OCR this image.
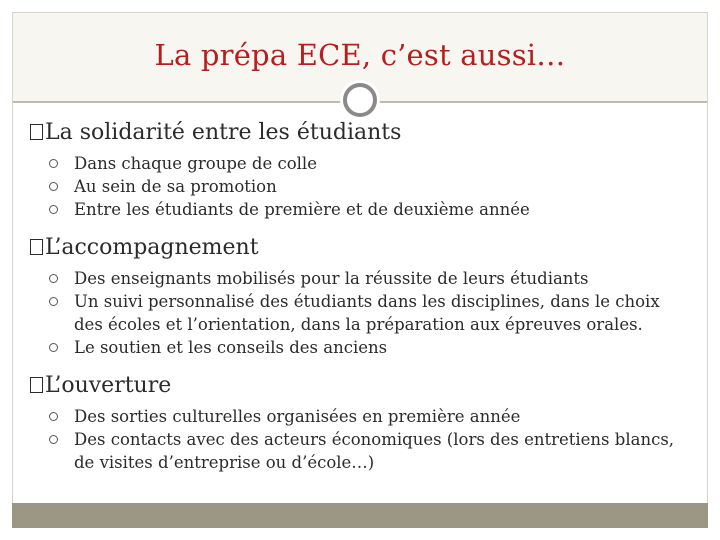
La prépa ECE, c’est aussi…
La solidarité entre les étudiants
Dans chaque groupe de colle
Au sein de sa promotion
Entre les étudiants de première et de deuxième année
L’accompagnement
Des enseignants mobilisés pour la réussite de leurs étudiants
Un suivi personnalisé des étudiants dans les disciplines, dans le choix des écoles et l’orientation, dans la préparation aux épreuves orales.
Le soutien et les conseils des anciens
L’ouverture
Des sorties culturelles organisées en première année
Des contacts avec des acteurs économiques (lors des entretiens blancs, de visites d’entreprise ou d’école…)
